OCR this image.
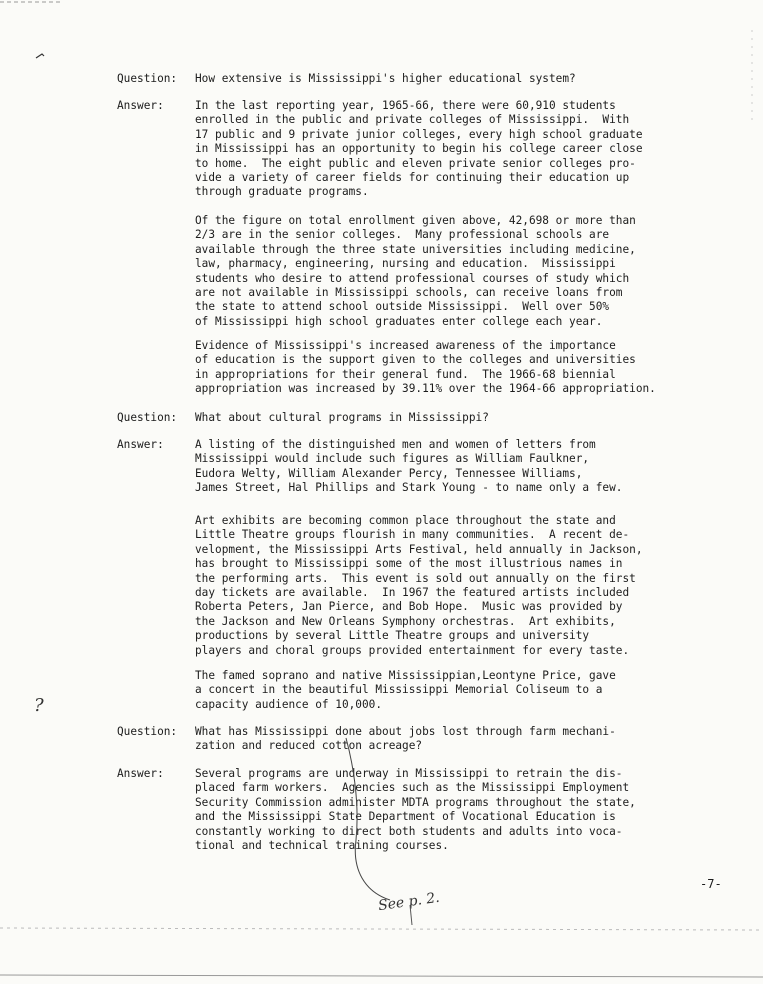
Question: How extensive is Mississippi's higher educational system?
Answer:	In the last reporting year, 1965-66, there were 60,910 students
enrolled in the public and private colleges of Mississippi.  With
17 public and 9 private junior colleges, every high school graduate
in Mississippi has an opportunity to begin his college career close
to home.  The eight public and eleven private senior colleges pro-
vide a variety of career fields for continuing their education up
through graduate programs.
Of the figure on total enrollment given above, 42,698 or more than
2/3 are in the senior colleges.  Many professional schools are
available through the three state universities including medicine,
law, pharmacy, engineering, nursing and education.  Mississippi
students who desire to attend professional courses of study which
are not available in Mississippi schools, can receive loans from
the state to attend school outside Mississippi.  Well over 50%
of Mississippi high school graduates enter college each year.
Evidence of Mississippi's increased awareness of the importance
of education is the support given to the colleges and universities
in appropriations for their general fund.  The 1966-68 biennial
appropriation was increased by 39.11% over the 1964-66 appropriation.
Question: What about cultural programs in Mississippi?
Answer:	A listing of the distinguished men and women of letters from
Mississippi would include such figures as William Faulkner,
Eudora Welty, William Alexander Percy, Tennessee Williams,
James Street, Hal Phillips and Stark Young - to name only a few.
Art exhibits are becoming common place throughout the state and
Little Theatre groups flourish in many communities.  A recent de-
velopment, the Mississippi Arts Festival, held annually in Jackson,
has brought to Mississippi some of the most illustrious names in
the performing arts.  This event is sold out annually on the first
day tickets are available.  In 1967 the featured artists included
Roberta Peters, Jan Pierce, and Bob Hope.  Music was provided by
the Jackson and New Orleans Symphony orchestras.  Art exhibits,
productions by several Little Theatre groups and university
players and choral groups provided entertainment for every taste.
The famed soprano and native Mississippian,Leontyne Price, gave
a concert in the beautiful Mississippi Memorial Coliseum to a
capacity audience of 10,000.
Question: What has Mississippi done about jobs lost through farm mechani-
zation and reduced cotton acreage?
Answer:	Several programs are underway in Mississippi to retrain the dis-
placed farm workers.  Agencies such as the Mississippi Employment
Security Commission administer MDTA programs throughout the state,
and the Mississippi State Department of Vocational Education is
constantly working to direct both students and adults into voca-
tional and technical training courses.
-7-
See p. 2.
?
